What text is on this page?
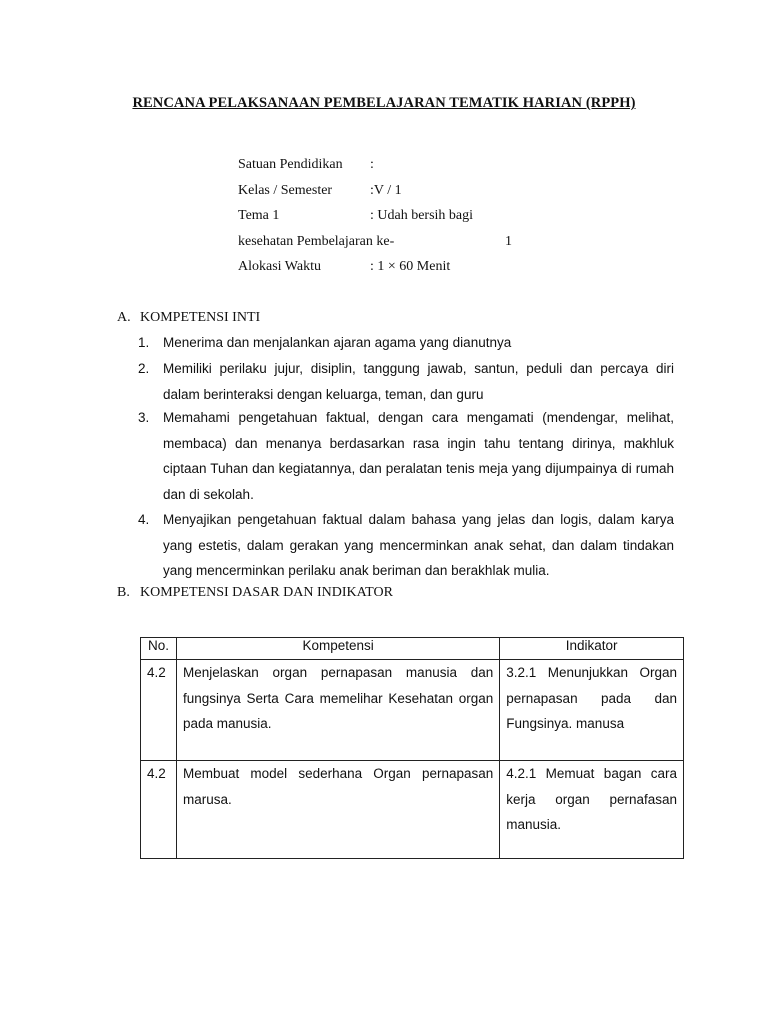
RENCANA PELAKSANAAN PEMBELAJARAN TEMATIK HARIAN (RPPH)
Satuan Pendidikan :
Kelas / Semester	:V / 1
Tema 1	: Udah bersih bagi
kesehatan Pembelajaran ke-	1
Alokasi Waktu	: 1 × 60 Menit
A. KOMPETENSI INTI
1. Menerima dan menjalankan ajaran agama yang dianutnya
2. Memiliki perilaku jujur, disiplin, tanggung jawab, santun, peduli dan percaya diri dalam berinteraksi dengan keluarga, teman, dan guru
3. Memahami pengetahuan faktual, dengan cara mengamati (mendengar, melihat, membaca) dan menanya berdasarkan rasa ingin tahu tentang dirinya, makhluk ciptaan Tuhan dan kegiatannya, dan peralatan tenis meja yang dijumpainya di rumah dan di sekolah.
4. Menyajikan pengetahuan faktual dalam bahasa yang jelas dan logis, dalam karya yang estetis, dalam gerakan yang mencerminkan anak sehat, dan dalam tindakan yang mencerminkan perilaku anak beriman dan berakhlak mulia.
B. KOMPETENSI DASAR DAN INDIKATOR
No.	Kompetensi	Indikator
4.2	Menjelaskan organ pernapasan manusia dan fungsinya Serta Cara memelihar Kesehatan organ pada manusia.	3.2.1 Menunjukkan Organ pernapasan pada dan Fungsinya. manusa
4.2	Membuat model sederhana Organ pernapasan marusa.	4.2.1 Memuat bagan cara kerja organ pernafasan manusia.
